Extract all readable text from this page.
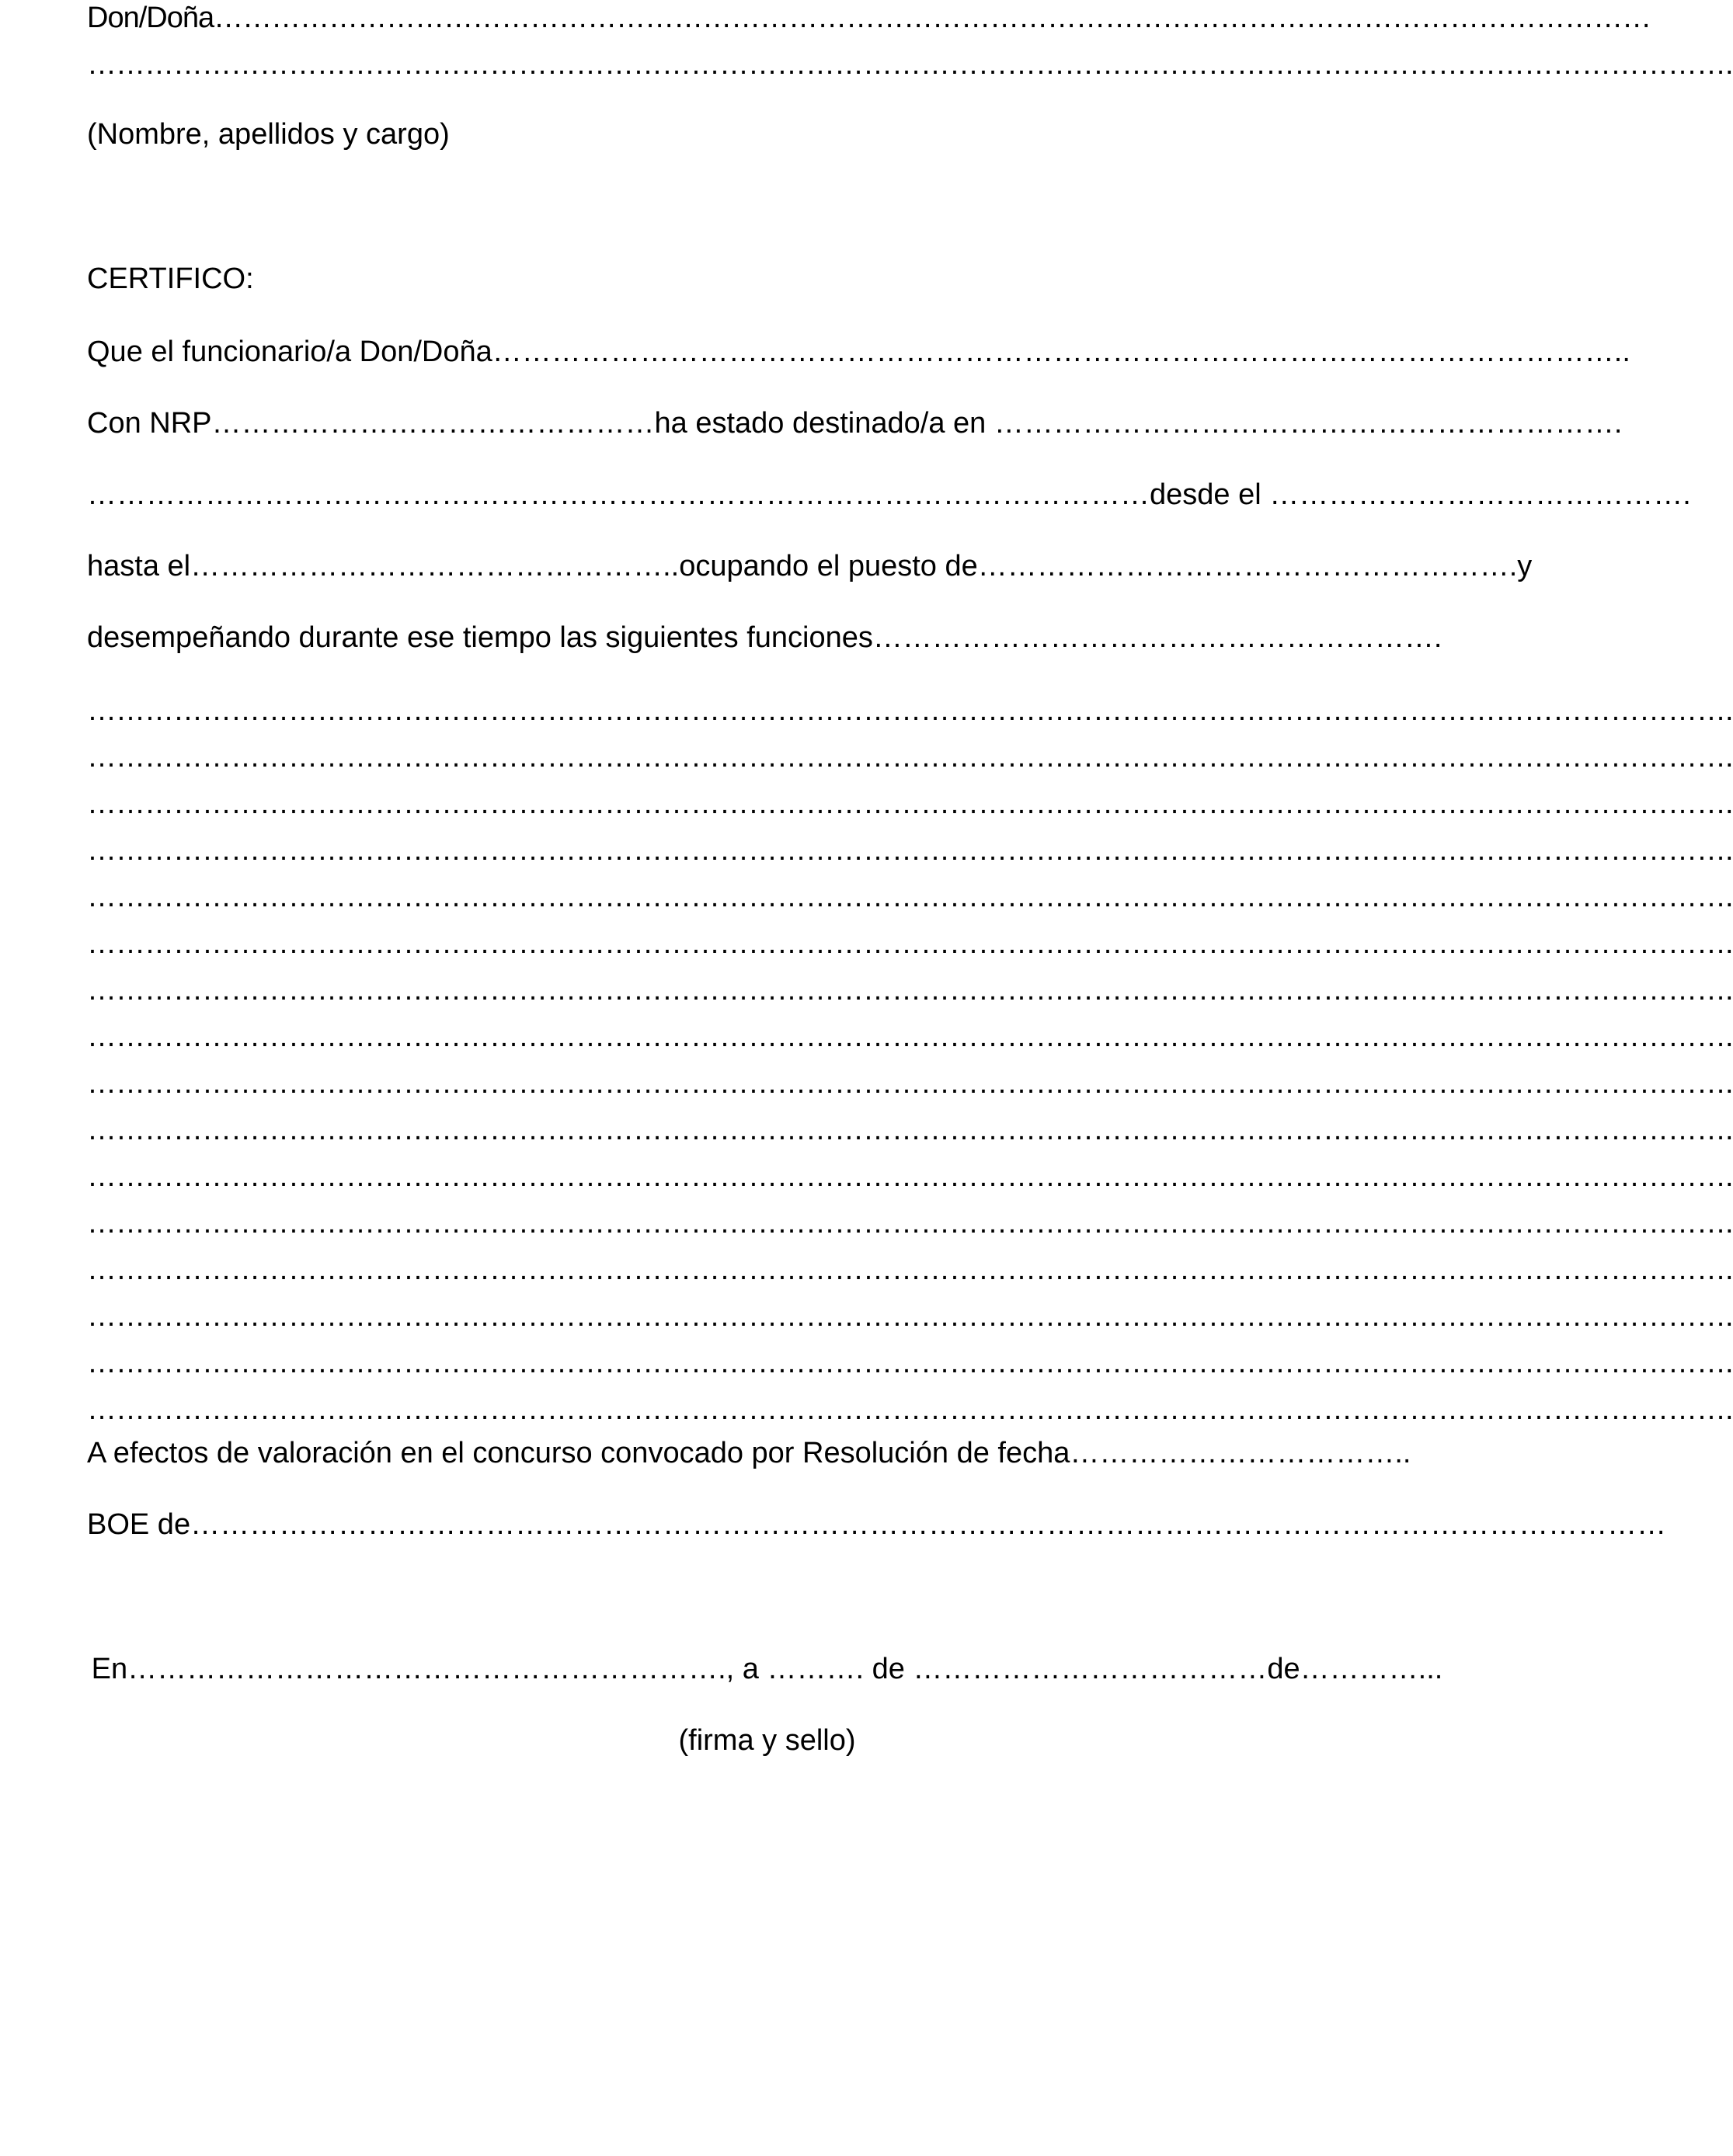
Don/Doña……………………………………………………………………………………………………………………………………
……………………………………………………………………………………………………………………………………………………….
(Nombre, apellidos y cargo)
CERTIFICO:
Que el funcionario/a Don/Doña……………………………………………………………………………………………………..
Con NRP………………………………………ha estado destinado/a en ……………………………………………………….
………………………………………………………………………………………………desde el …………………………………….
hasta el…………………………………………..ocupando el puesto de……………………………………………….y
desempeñando durante ese tiempo las siguientes funciones………………………………………………….
……………………………………………………………………………………………………………………………………………………….
……………………………………………………………………………………………………………………………………………………….
……………………………………………………………………………………………………………………………………………………….
……………………………………………………………………………………………………………………………………………………….
……………………………………………………………………………………………………………………………………………………….
……………………………………………………………………………………………………………………………………………………….
……………………………………………………………………………………………………………………………………………………….
……………………………………………………………………………………………………………………………………………………….
……………………………………………………………………………………………………………………………………………………….
……………………………………………………………………………………………………………………………………………………….
……………………………………………………………………………………………………………………………………………………….
……………………………………………………………………………………………………………………………………………………….
……………………………………………………………………………………………………………………………………………………….
……………………………………………………………………………………………………………………………………………………….
……………………………………………………………………………………………………………………………………………………….
……………………………………………………………………………………………………………………………………………………….
A efectos de valoración en el concurso convocado por Resolución de fecha……………………………..
BOE de……………………………………………………………………………………………………………………………………
En……………………………………………………., a ………. de ………………………………de…………...
(firma y sello)
